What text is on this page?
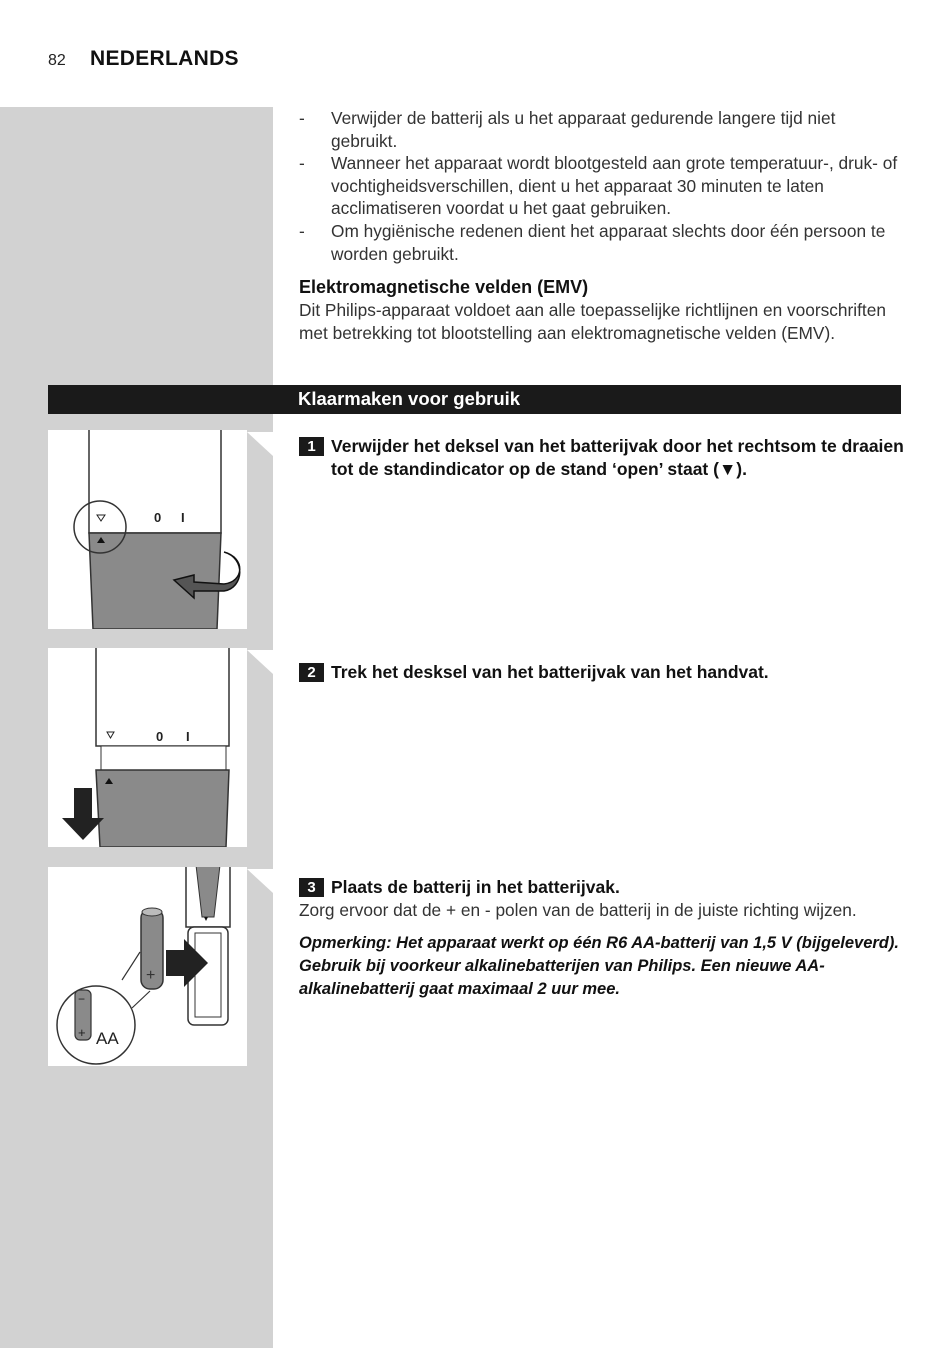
82 NEDERLANDS
-	Verwijder de batterij als u het apparaat gedurende langere tijd niet gebruikt.
-	Wanneer het apparaat wordt blootgesteld aan grote temperatuur-, druk- of vochtigheidsverschillen, dient u het apparaat 30 minuten te laten acclimatiseren voordat u het gaat gebruiken.
-	Om hygiënische redenen dient het apparaat slechts door één persoon te worden gebruikt.
Elektromagnetische velden (EMV)
Dit Philips-apparaat voldoet aan alle toepasselijke richtlijnen en voorschriften met betrekking tot blootstelling aan elektromagnetische velden (EMV).
Klaarmaken voor gebruik
0 I
0 I
+
−
+ AA
1 Verwijder het deksel van het batterijvak door het rechtsom te draaien tot de standindicator op de stand ‘open’ staat (▼).
2 Trek het desksel van het batterijvak van het handvat.
3 Plaats de batterij in het batterijvak.
Zorg ervoor dat de + en - polen van de batterij in de juiste richting wijzen.
Opmerking: Het apparaat werkt op één R6 AA-batterij van 1,5 V (bijgeleverd). Gebruik bij voorkeur alkalinebatterijen van Philips. Een nieuwe AA-alkalinebatterij gaat maximaal 2 uur mee.
